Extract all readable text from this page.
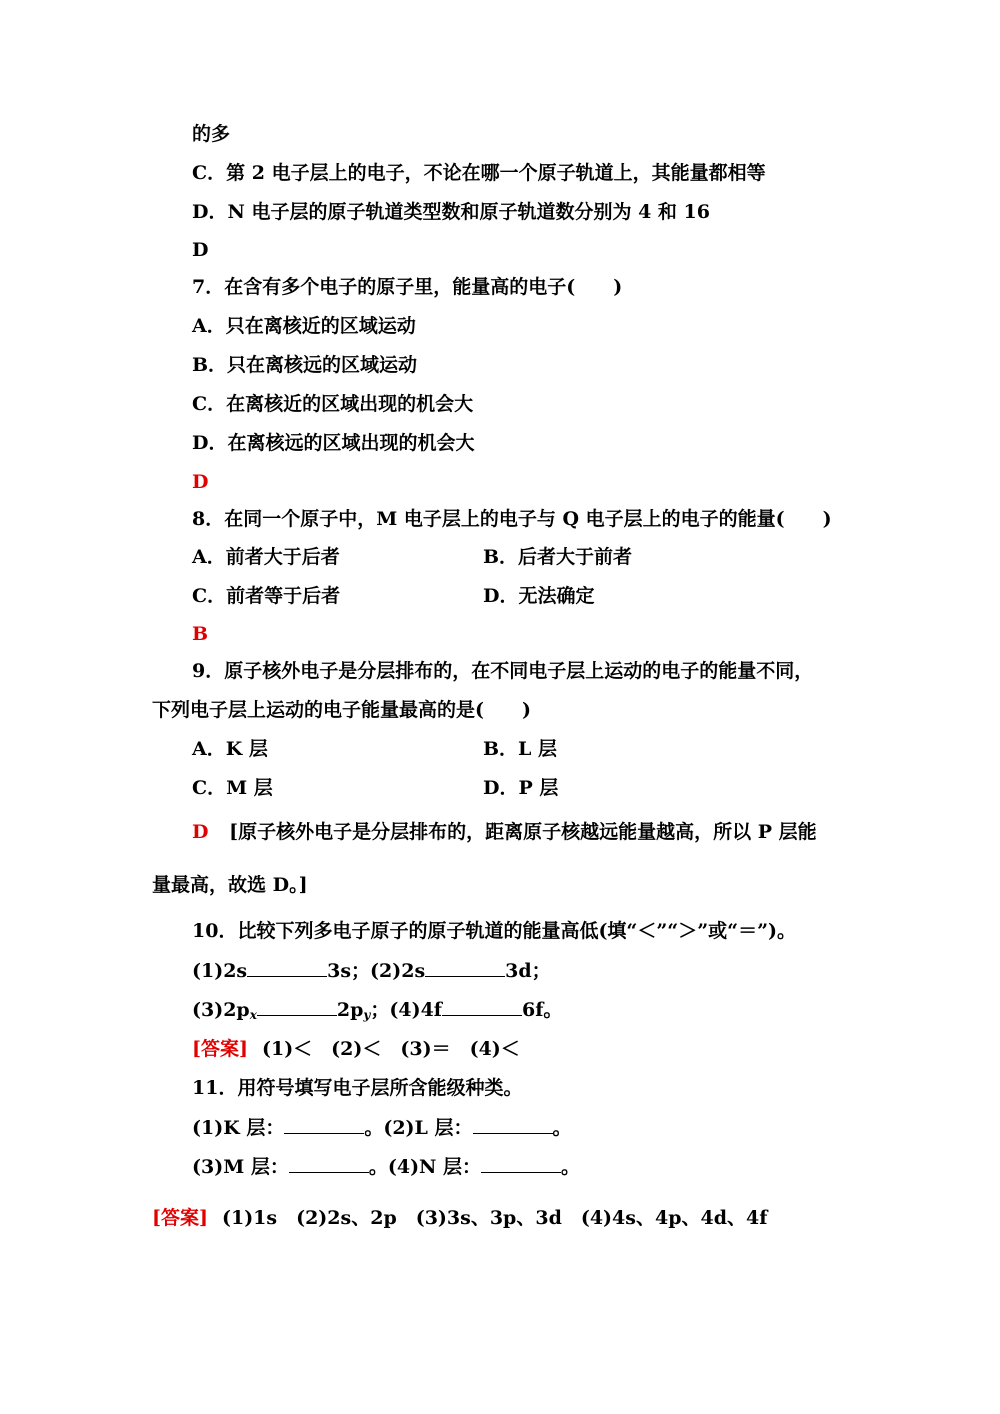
的多
C．第 2 电子层上的电子，不论在哪一个原子轨道上，其能量都相等
D．N 电子层的原子轨道类型数和原子轨道数分别为 4 和 16
D
7．在含有多个电子的原子里，能量高的电子(　　)
A．只在离核近的区域运动
B．只在离核远的区域运动
C．在离核近的区域出现的机会大
D．在离核远的区域出现的机会大
D
8．在同一个原子中，M 电子层上的电子与 Q 电子层上的电子的能量(　　)
A．前者大于后者	B．后者大于前者
C．前者等于后者	D．无法确定
B
9．原子核外电子是分层排布的，在不同电子层上运动的电子的能量不同，
下列电子层上运动的电子能量最高的是(　　)
A．K 层	B．L 层
C．M 层	D．P 层
D [原子核外电子是分层排布的，距离原子核越远能量越高，所以 P 层能
量最高，故选 D。]
10．比较下列多电子原子的原子轨道的能量高低(填“＜”“＞”或“＝”)。
(1)2s	3s；(2)2s	3d；
$(3)2p_x$	$2p_y$；(4)4f	6f。
[答案] (1)＜　(2)＜　(3)＝　(4)＜
11．用符号填写电子层所含能级种类。
(1)K 层：	。(2)L 层：	。
(3)M 层：	。(4)N 层：	。
[答案] (1)1s　(2)2s、2p　(3)3s、3p、3d　(4)4s、4p、4d、4f
